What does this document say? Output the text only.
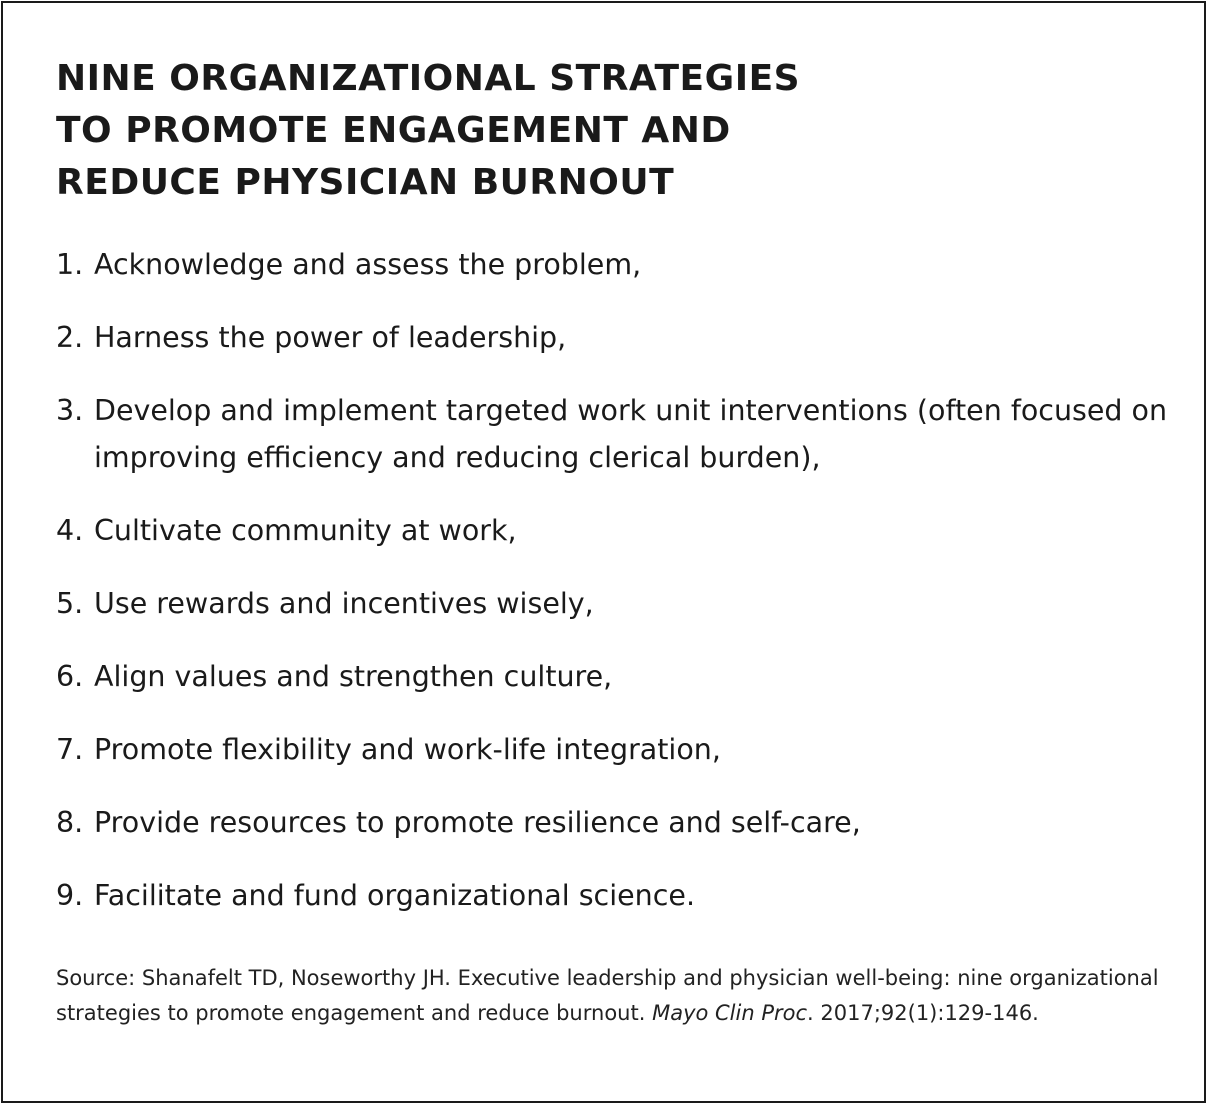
NINE ORGANIZATIONAL STRATEGIES
TO PROMOTE ENGAGEMENT AND
REDUCE PHYSICIAN BURNOUT
1. Acknowledge and assess the problem,
2. Harness the power of leadership,
3. Develop and implement targeted work unit interventions (often focused on improving efficiency and reducing clerical burden),
4. Cultivate community at work,
5. Use rewards and incentives wisely,
6. Align values and strengthen culture,
7. Promote flexibility and work-life integration,
8. Provide resources to promote resilience and self-care,
9. Facilitate and fund organizational science.

Source: Shanafelt TD, Noseworthy JH. Executive leadership and physician well-being: nine organizational strategies to promote engagement and reduce burnout. Mayo Clin Proc. 2017;92(1):129-146.
